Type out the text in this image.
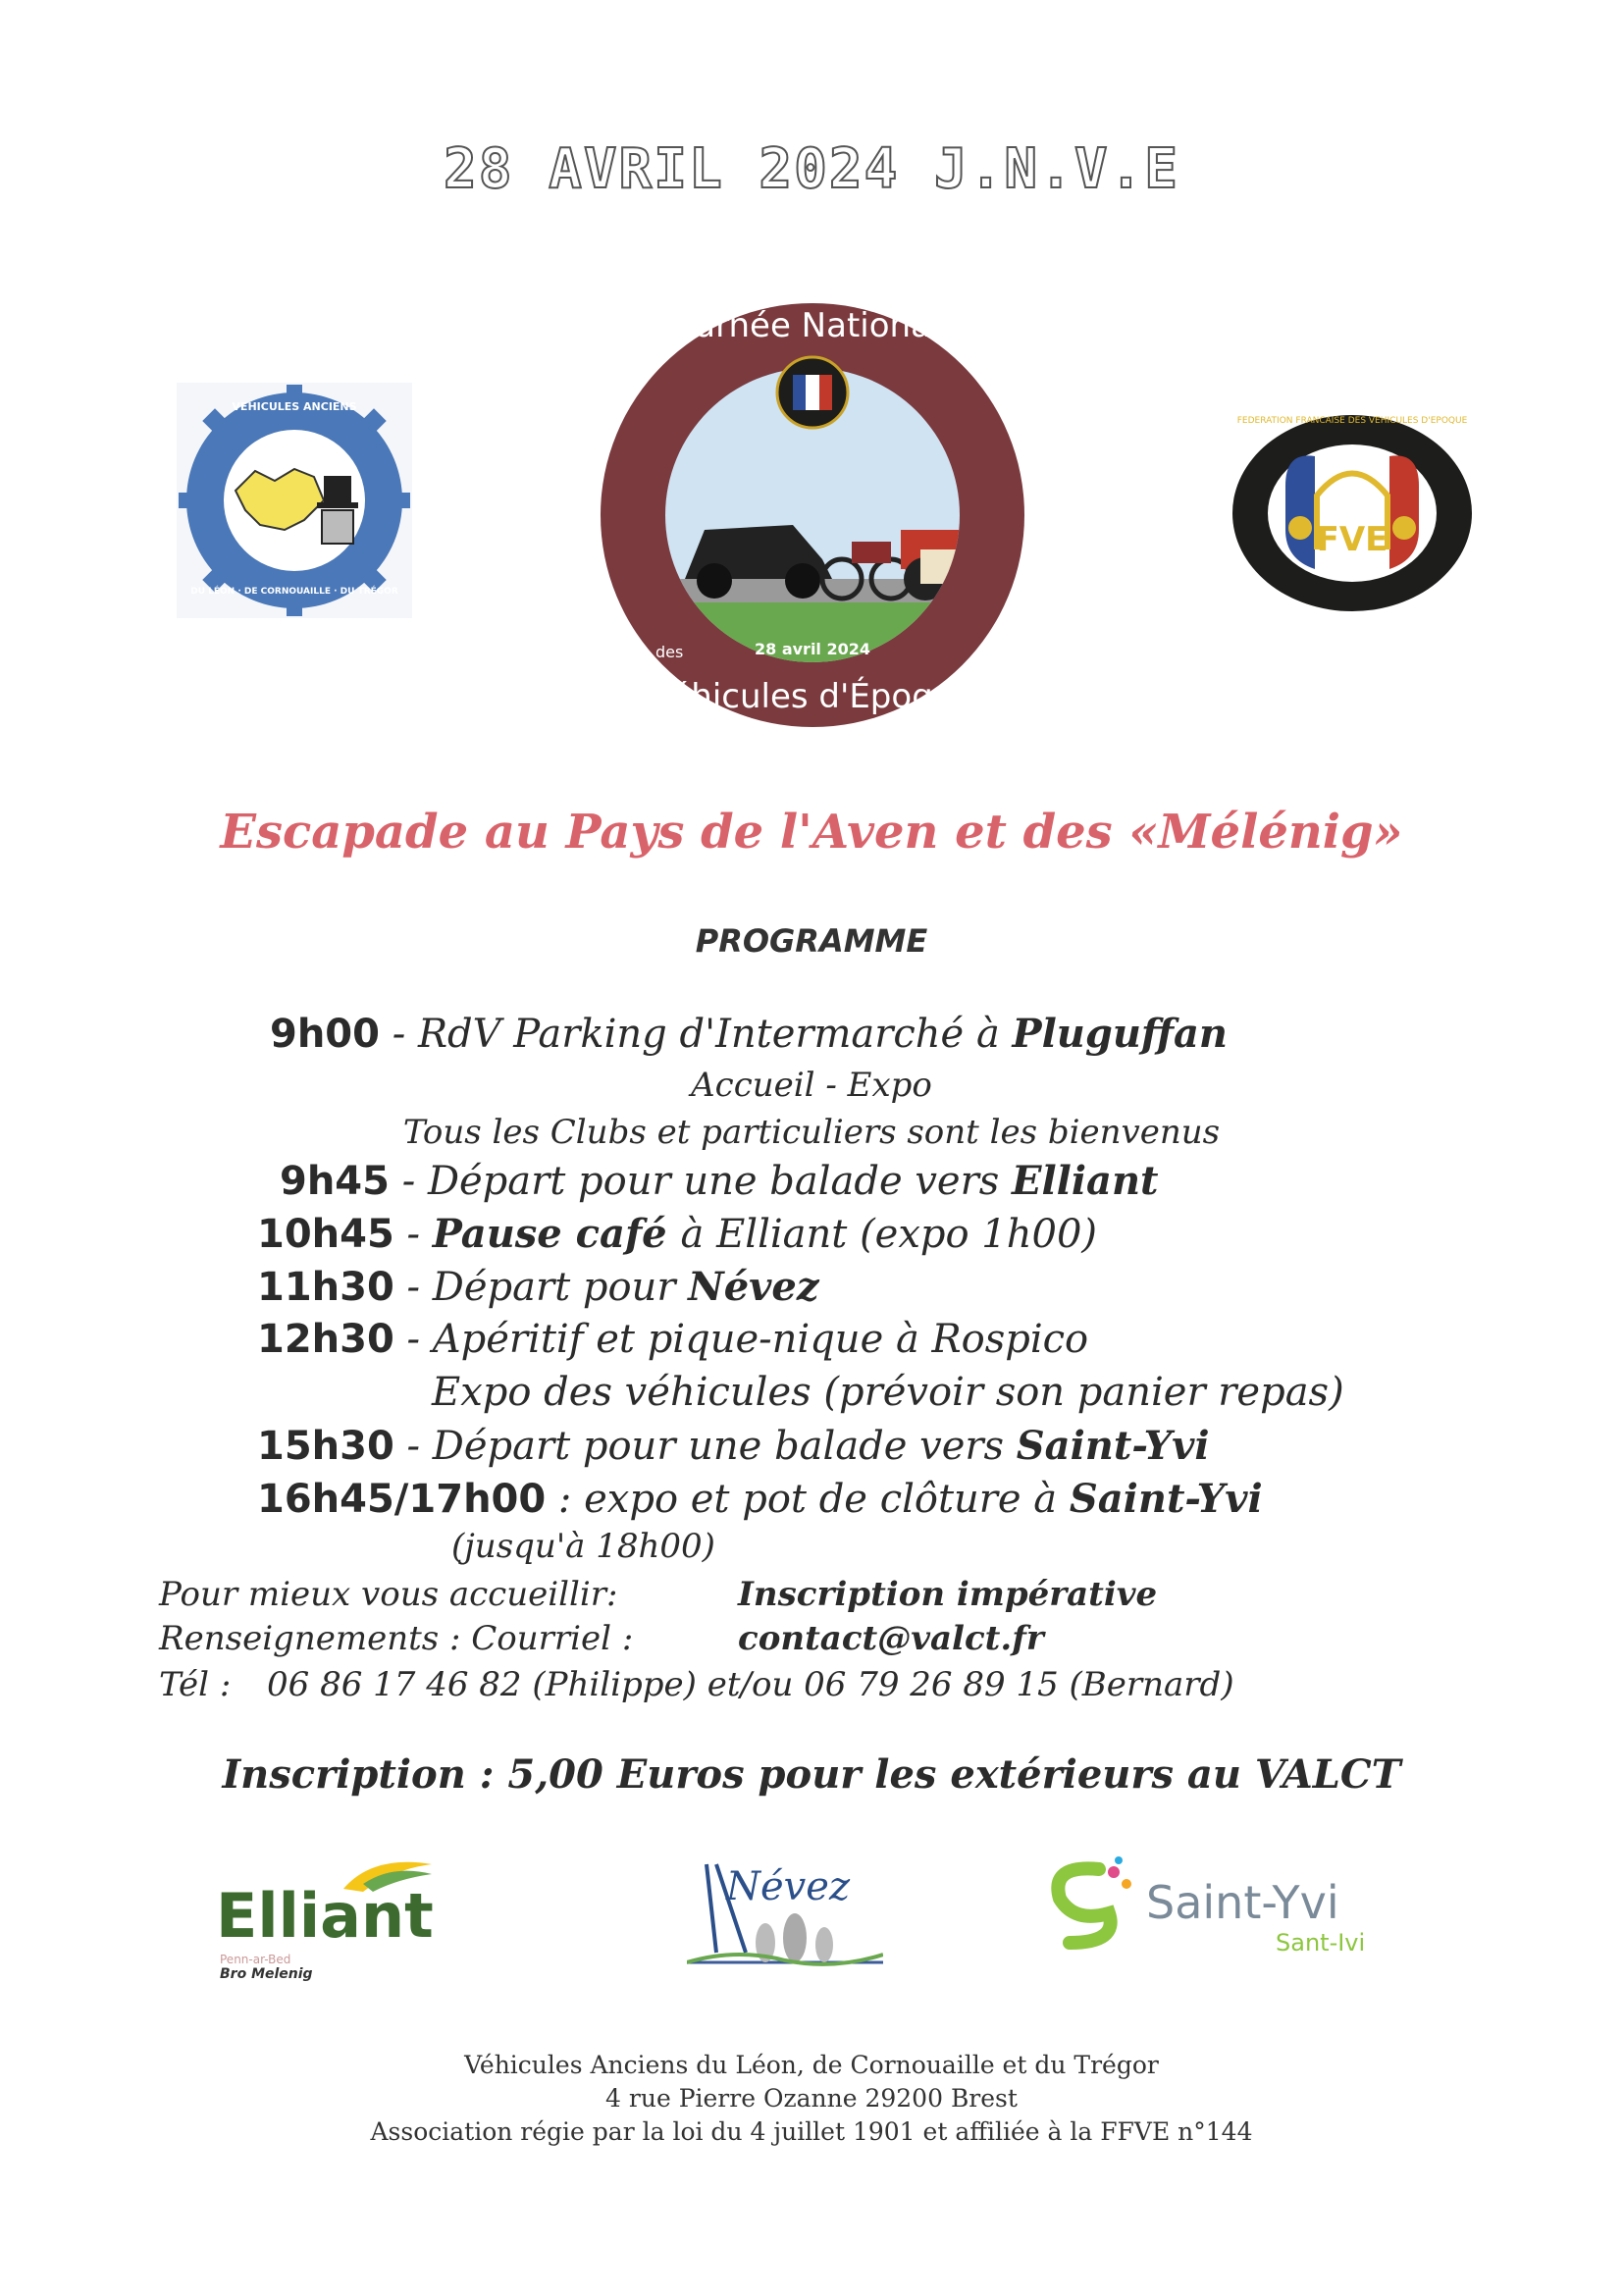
28 AVRIL 2024 J.N.V.E
VEHICULES ANCIENS
DU LÉON · DE CORNOUAILLE · DU TRÉGOR
Journée Nationale
des
Véhicules d'Époque
28 avril 2024
FEDERATION FRANCAISE DES VEHICULES D'EPOQUE
FVE
Escapade au Pays de l'Aven et des «Mélénig»
PROGRAMME
9h00 - RdV Parking d'Intermarché à Pluguffan
Accueil - Expo
Tous les Clubs et particuliers sont les bienvenus
9h45 - Départ pour une balade vers Elliant
10h45 - Pause café à Elliant (expo 1h00)
11h30 - Départ pour Névez
12h30 - Apéritif et pique-nique à Rospico
Expo des véhicules (prévoir son panier repas)
15h30 - Départ pour une balade vers Saint-Yvi
16h45/17h00 : expo et pot de clôture à Saint-Yvi
(jusqu'à 18h00)
Pour mieux vous accueillir:	Inscription impérative
Renseignements : Courriel :	contact@valct.fr
Tél : 06 86 17 46 82 (Philippe) et/ou 06 79 26 89 15 (Bernard)
Inscription : 5,00 Euros pour les extérieurs au VALCT
Elliant
Penn-ar-Bed
Bro Melenig
Névez	Saint-Yvi
Sant-Ivi
Véhicules Anciens du Léon, de Cornouaille et du Trégor
4 rue Pierre Ozanne 29200 Brest
Association régie par la loi du 4 juillet 1901 et affiliée à la FFVE n°144
